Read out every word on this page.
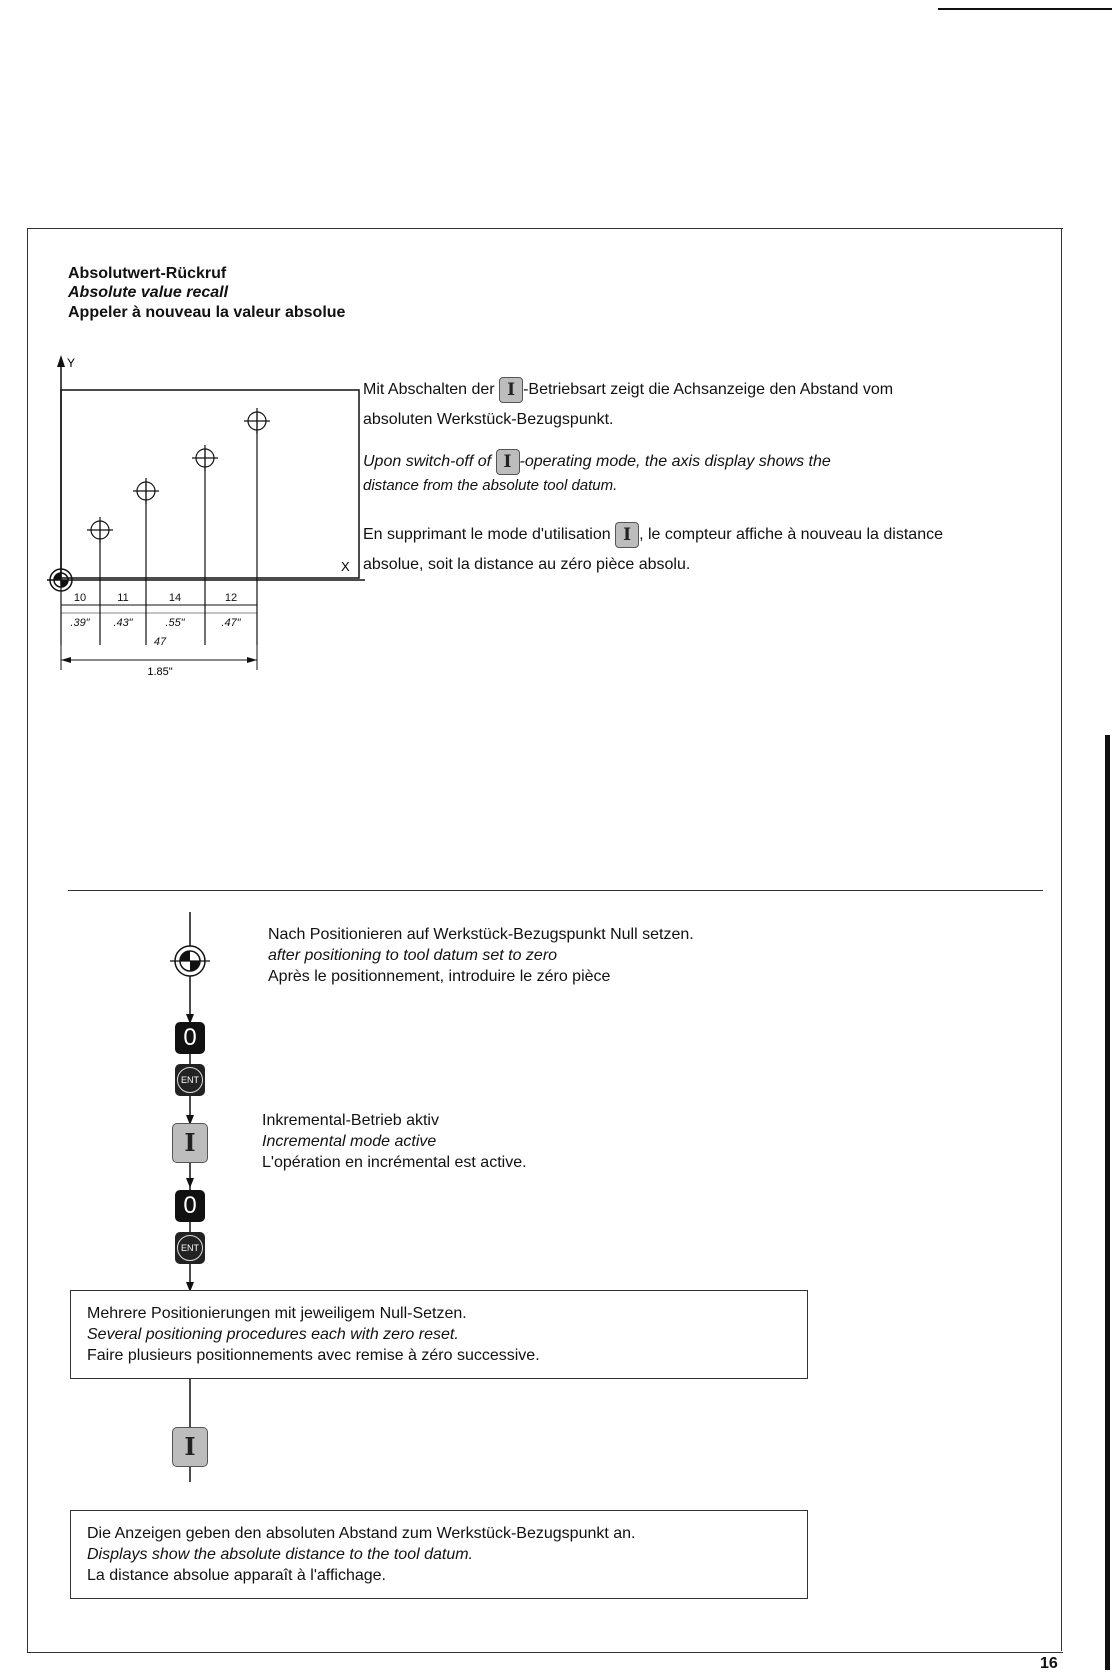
Absolutwert-Rückruf
Absolute value recall
Appeler à nouveau la valeur absolue
Y
X
10	11	14	12
.39" .43"	.55"	.47"
47
1.85"
Mit Abschalten der I -Betriebsart zeigt die Achsanzeige den Abstand vom
absoluten Werkstück-Bezugspunkt.
Upon switch-off of I -operating mode, the axis display shows the
distance from the absolute tool datum.
En supprimant le mode d'utilisation I , le compteur affiche à nouveau la distance
absolue, soit la distance au zéro pièce absolu.
Nach Positionieren auf Werkstück-Bezugspunkt Null setzen.
after positioning to tool datum set to zero
Après le positionnement, introduire le zéro pièce
0
ENT
I
Inkremental-Betrieb aktiv
Incremental mode active
L'opération en incrémental est active.
0
ENT
Mehrere Positionierungen mit jeweiligem Null-Setzen.
Several positioning procedures each with zero reset.
Faire plusieurs positionnements avec remise à zéro successive.
I
Die Anzeigen geben den absoluten Abstand zum Werkstück-Bezugspunkt an.
Displays show the absolute distance to the tool datum.
La distance absolue apparaît à l'affichage.
16
